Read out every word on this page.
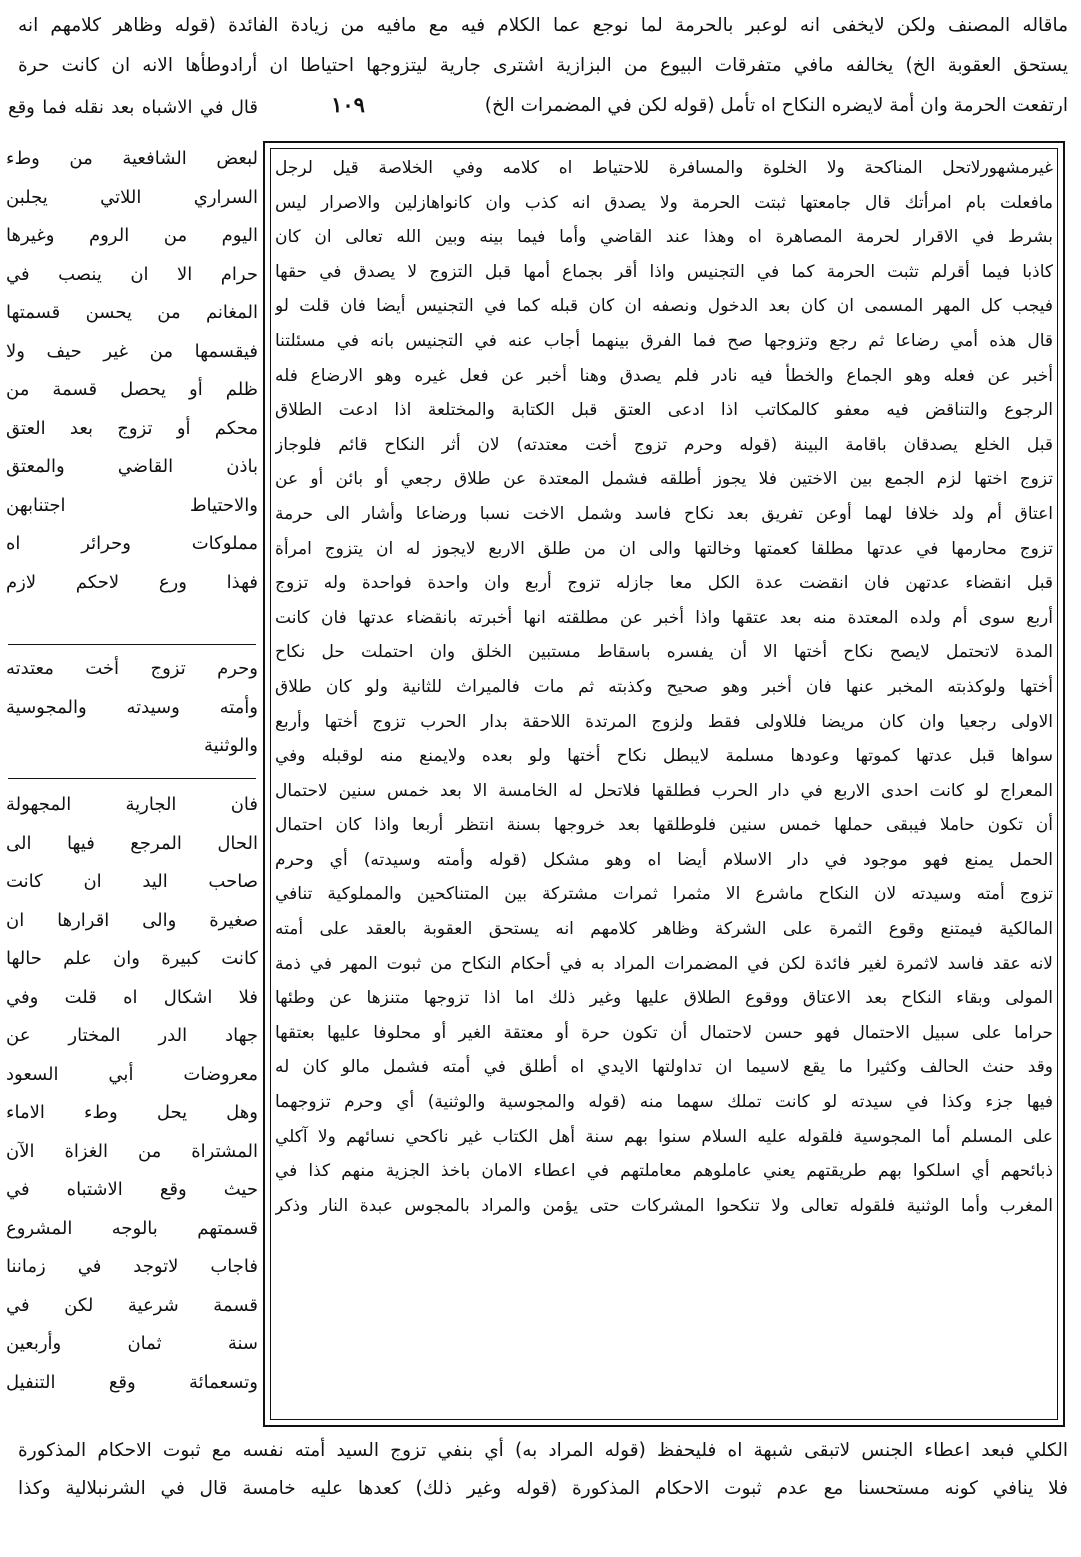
ماقاله المصنف ولكن لايخفى انه لوعبر بالحرمة لما نوجع عما الكلام فيه مع مافيه من زيادة الفائدة (قوله وظاهر كلامهم انه
يستحق العقوبة الخ) يخالفه مافي متفرقات البيوع من البزازية اشترى جارية ليتزوجها احتياطا ان أرادوطأها الانه ان كانت حرة
ارتفعت الحرمة وان أمة لايضره النكاح اه تأمل (قوله لكن في المضمرات الخ)
١٠٩
قال في الاشباه بعد نقله فما وقع
غيرمشهورلاتحل المناكحة ولا الخلوة والمسافرة للاحتياط اه كلامه وفي الخلاصة قيل لرجل
مافعلت بام امرأتك قال جامعتها ثبتت الحرمة ولا يصدق انه كذب وان كانواهازلين والاصرار ليس
بشرط في الاقرار لحرمة المصاهرة اه وهذا عند القاضي وأما فيما بينه وبين الله تعالى ان كان
كاذبا فيما أقرلم تثبت الحرمة كما في التجنيس واذا أقر بجماع أمها قبل التزوج لا يصدق في حقها
فيجب كل المهر المسمى ان كان بعد الدخول ونصفه ان كان قبله كما في التجنيس أيضا فان قلت لو
قال هذه أمي رضاعا ثم رجع وتزوجها صح فما الفرق بينهما أجاب عنه في التجنيس بانه في مسئلتنا
أخبر عن فعله وهو الجماع والخطأ فيه نادر فلم يصدق وهنا أخبر عن فعل غيره وهو الارضاع فله
الرجوع والتناقض فيه معفو كالمكاتب اذا ادعى العتق قبل الكتابة والمختلعة اذا ادعت الطلاق
قبل الخلع يصدقان باقامة البينة (قوله وحرم تزوج أخت معتدته) لان أثر النكاح قائم فلوجاز
تزوج اختها لزم الجمع بين الاختين فلا يجوز أطلقه فشمل المعتدة عن طلاق رجعي أو بائن أو عن
اعتاق أم ولد خلافا لهما أوعن تفريق بعد نكاح فاسد وشمل الاخت نسبا ورضاعا وأشار الى حرمة
تزوج محارمها في عدتها مطلقا كعمتها وخالتها والى ان من طلق الاربع لايجوز له ان يتزوج امرأة
قبل انقضاء عدتهن فان انقضت عدة الكل معا جازله تزوج أربع وان واحدة فواحدة وله تزوج
أربع سوى أم ولده المعتدة منه بعد عتقها واذا أخبر عن مطلقته انها أخبرته بانقضاء عدتها فان كانت
المدة لاتحتمل لايصح نكاح أختها الا أن يفسره باسقاط مستبين الخلق وان احتملت حل نكاح
أختها ولوكذبته المخبر عنها فان أخبر وهو صحيح وكذبته ثم مات فالميراث للثانية ولو كان طلاق
الاولى رجعيا وان كان مريضا فللاولى فقط ولزوج المرتدة اللاحقة بدار الحرب تزوج أختها وأربع
سواها قبل عدتها كموتها وعودها مسلمة لايبطل نكاح أختها ولو بعده ولايمنع منه لوقبله وفي
المعراج لو كانت احدى الاربع في دار الحرب فطلقها فلاتحل له الخامسة الا بعد خمس سنين لاحتمال
أن تكون حاملا فيبقى حملها خمس سنين فلوطلقها بعد خروجها بسنة انتظر أربعا واذا كان احتمال
الحمل يمنع فهو موجود في دار الاسلام أيضا اه وهو مشكل (قوله وأمته وسيدته) أي وحرم
تزوج أمته وسيدته لان النكاح ماشرع الا مثمرا ثمرات مشتركة بين المتناكحين والمملوكية تنافي
المالكية فيمتنع وقوع الثمرة على الشركة وظاهر كلامهم انه يستحق العقوبة بالعقد على أمته
لانه عقد فاسد لاثمرة لغير فائدة لكن في المضمرات المراد به في أحكام النكاح من ثبوت المهر في ذمة
المولى وبقاء النكاح بعد الاعتاق ووقوع الطلاق عليها وغير ذلك اما اذا تزوجها متنزها عن وطئها
حراما على سبيل الاحتمال فهو حسن لاحتمال أن تكون حرة أو معتقة الغير أو محلوفا عليها بعتقها
وقد حنث الحالف وكثيرا ما يقع لاسيما ان تداولتها الايدي اه أطلق في أمته فشمل مالو كان له
فيها جزء وكذا في سيدته لو كانت تملك سهما منه (قوله والمجوسية والوثنية) أي وحرم تزوجهما
على المسلم أما المجوسية فلقوله عليه السلام سنوا بهم سنة أهل الكتاب غير ناكحي نسائهم ولا آكلي
ذبائحهم أي اسلكوا بهم طريقتهم يعني عاملوهم معاملتهم في اعطاء الامان باخذ الجزية منهم كذا في
المغرب وأما الوثنية فلقوله تعالى ولا تنكحوا المشركات حتى يؤمن والمراد بالمجوس عبدة النار وذكر
لبعض الشافعية من وطء
السراري اللاتي يجلبن
اليوم من الروم وغيرها
حرام الا ان ينصب في
المغانم من يحسن قسمتها
فيقسمها من غير حيف ولا
ظلم أو يحصل قسمة من
محكم أو تزوج بعد العتق
باذن القاضي والمعتق
والاحتياط اجتنابهن
مملوكات وحرائر اه
فهذا ورع لاحكم لازم
وحرم تزوج أخت معتدته
وأمته وسيدته والمجوسية
والوثنية
فان الجارية المجهولة
الحال المرجع فيها الى
صاحب اليد ان كانت
صغيرة والى اقرارها ان
كانت كبيرة وان علم حالها
فلا اشكال اه قلت وفي
جهاد الدر المختار عن
معروضات أبي السعود
وهل يحل وطء الاماء
المشتراة من الغزاة الآن
حيث وقع الاشتباه في
قسمتهم بالوجه المشروع
فاجاب لاتوجد في زماننا
قسمة شرعية لكن في
سنة ثمان وأربعين
وتسعمائة وقع التنفيل
الكلي فبعد اعطاء الجنس لاتبقى شبهة اه فليحفظ (قوله المراد به) أي بنفي تزوج السيد أمته نفسه مع ثبوت الاحكام المذكورة
فلا ينافي كونه مستحسنا مع عدم ثبوت الاحكام المذكورة (قوله وغير ذلك) كعدها عليه خامسة قال في الشرنبلالية وكذا
